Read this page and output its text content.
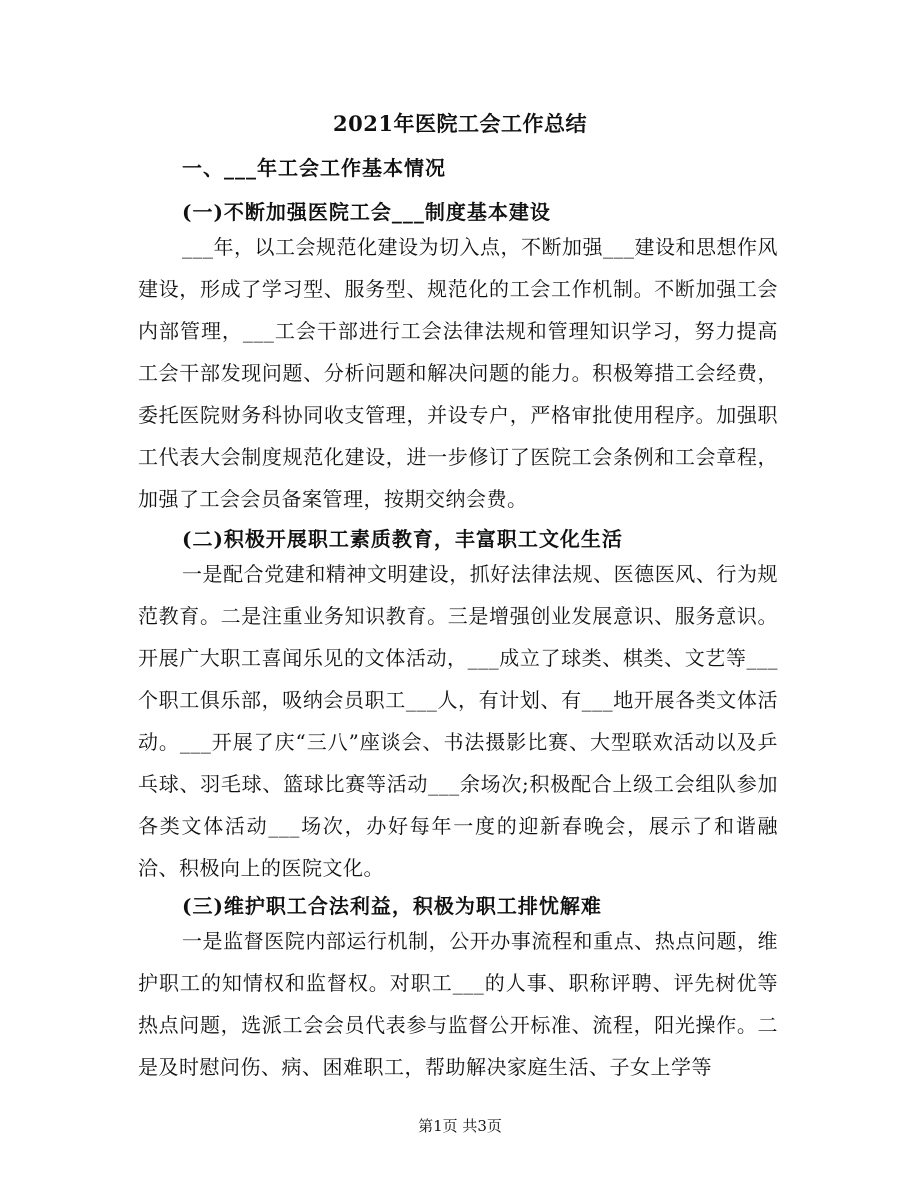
2021年医院工会工作总结
一、___年工会工作基本情况
(一)不断加强医院工会___制度基本建设
___年，以工会规范化建设为切入点，不断加强___建设和思想作风建设，形成了学习型、服务型、规范化的工会工作机制。不断加强工会内部管理，___工会干部进行工会法律法规和管理知识学习，努力提高工会干部发现问题、分析问题和解决问题的能力。积极筹措工会经费，委托医院财务科协同收支管理，并设专户，严格审批使用程序。加强职工代表大会制度规范化建设，进一步修订了医院工会条例和工会章程，加强了工会会员备案管理，按期交纳会费。
(二)积极开展职工素质教育，丰富职工文化生活
一是配合党建和精神文明建设，抓好法律法规、医德医风、行为规范教育。二是注重业务知识教育。三是增强创业发展意识、服务意识。开展广大职工喜闻乐见的文体活动，___成立了球类、棋类、文艺等___个职工俱乐部，吸纳会员职工___人，有计划、有___地开展各类文体活动。___开展了庆“三八”座谈会、书法摄影比赛、大型联欢活动以及乒乓球、羽毛球、篮球比赛等活动___余场次;积极配合上级工会组队参加各类文体活动___场次，办好每年一度的迎新春晚会，展示了和谐融洽、积极向上的医院文化。
(三)维护职工合法利益，积极为职工排忧解难
一是监督医院内部运行机制，公开办事流程和重点、热点问题，维护职工的知情权和监督权。对职工___的人事、职称评聘、评先树优等热点问题，选派工会会员代表参与监督公开标准、流程，阳光操作。二是及时慰问伤、病、困难职工，帮助解决家庭生活、子女上学等
第1页 共3页
